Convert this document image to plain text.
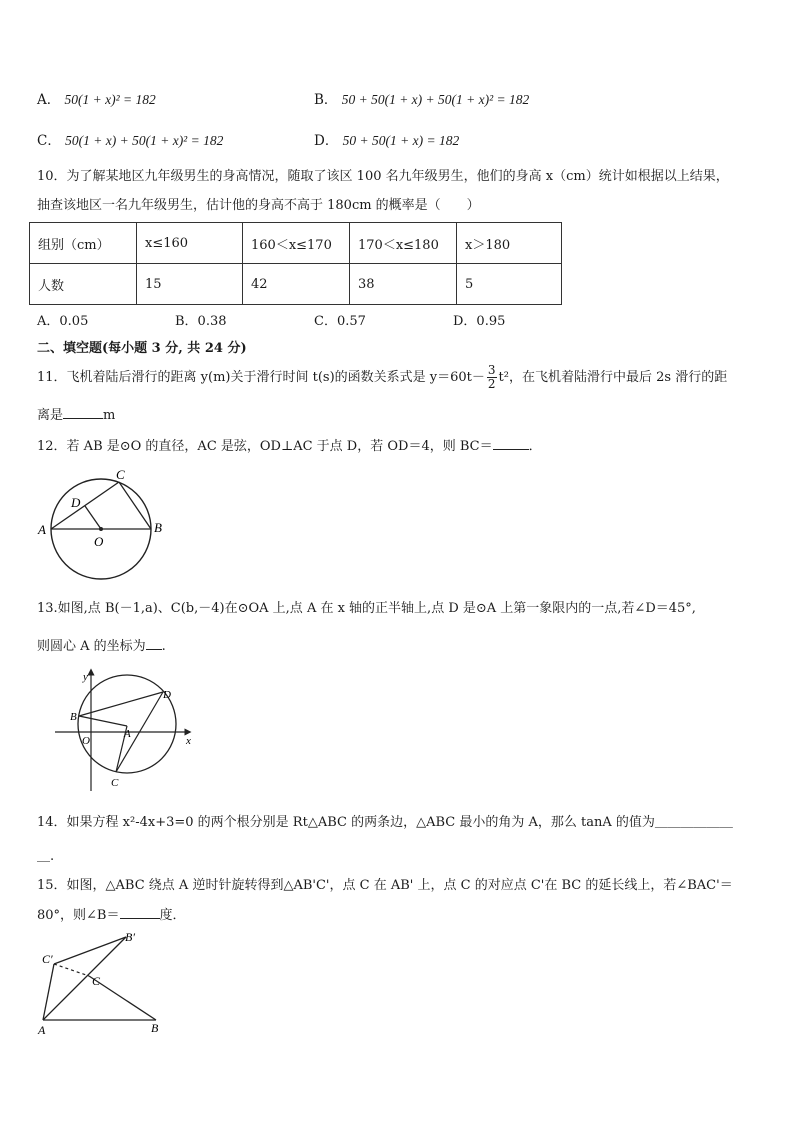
A． 50(1 + x)² = 182	B． 50 + 50(1 + x) + 50(1 + x)² = 182
C． 50(1 + x) + 50(1 + x)² = 182	D． 50 + 50(1 + x) = 182
10．为了解某地区九年级男生的身高情况，随取了该区 100 名九年级男生，他们的身高 x（cm）统计如根据以上结果，
抽查该地区一名九年级男生，估计他的身高不高于 180cm 的概率是（　　）
组别（cm）	x≤160	160＜x≤170	170＜x≤180	x＞180
人数	15	42	38	5
A．0.05	B．0.38	C．0.57	D．0.95
二、填空题(每小题 3 分, 共 24 分)
11．飞机着陆后滑行的距离 y(m)关于滑行时间 t(s)的函数关系式是 $y=60t- \frac{3}{2} t^2$，在飞机着陆滑行中最后 2s 滑行的距
离是	m
12．若 AB 是⊙O 的直径，AC 是弦，OD⊥AC 于点 D，若 OD＝4，则 BC＝	．
A	B
C
D
O
13.如图,点 B(－1,a)、C(b,－4)在⊙OA 上,点 A 在 x 轴的正半轴上,点 D 是⊙A 上第一象限内的一点,若∠D＝45°,
则圆心 A 的坐标为 .
y
x
O
A
B
C
D
14．如果方程 x²-4x+3=0 的两个根分别是 Rt△ABC 的两条边，△ABC 最小的角为 A，那么 tanA 的值为＿＿＿＿＿＿
＿.
15．如图，△ABC 绕点 A 逆时针旋转得到△AB'C'，点 C 在 AB' 上，点 C 的对应点 C'在 BC 的延长线上，若∠BAC'＝
80°，则∠B＝	度．
A	B
C
B′
C′
